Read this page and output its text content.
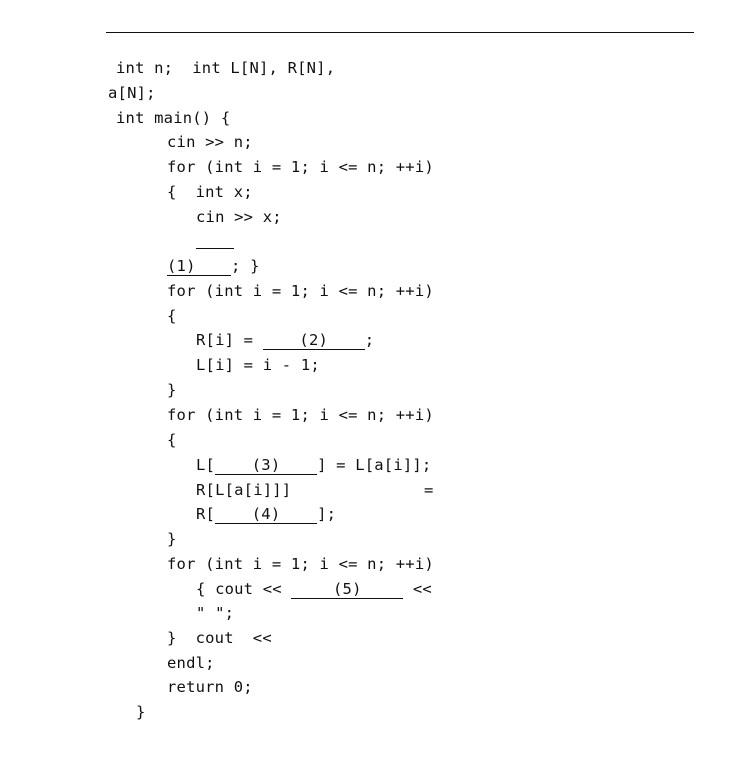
int n;  int L[N], R[N],
a[N];
int main() {
cin >> n;
for (int i = 1; i <= n; ++i)
{  int x;
cin >> x;
(1) ; }
for (int i = 1; i <= n; ++i)
{
R[i] = (2) ;
L[i] = i - 1;
}
for (int i = 1; i <= n; ++i)
{
L[ (3) ] = L[a[i]];
R[L[a[i]]]	=
R[ (4) ];
}
for (int i = 1; i <= n; ++i)
{ cout <<	(5)	<<
" ";
}  cout  <<
endl;
return 0;
}
